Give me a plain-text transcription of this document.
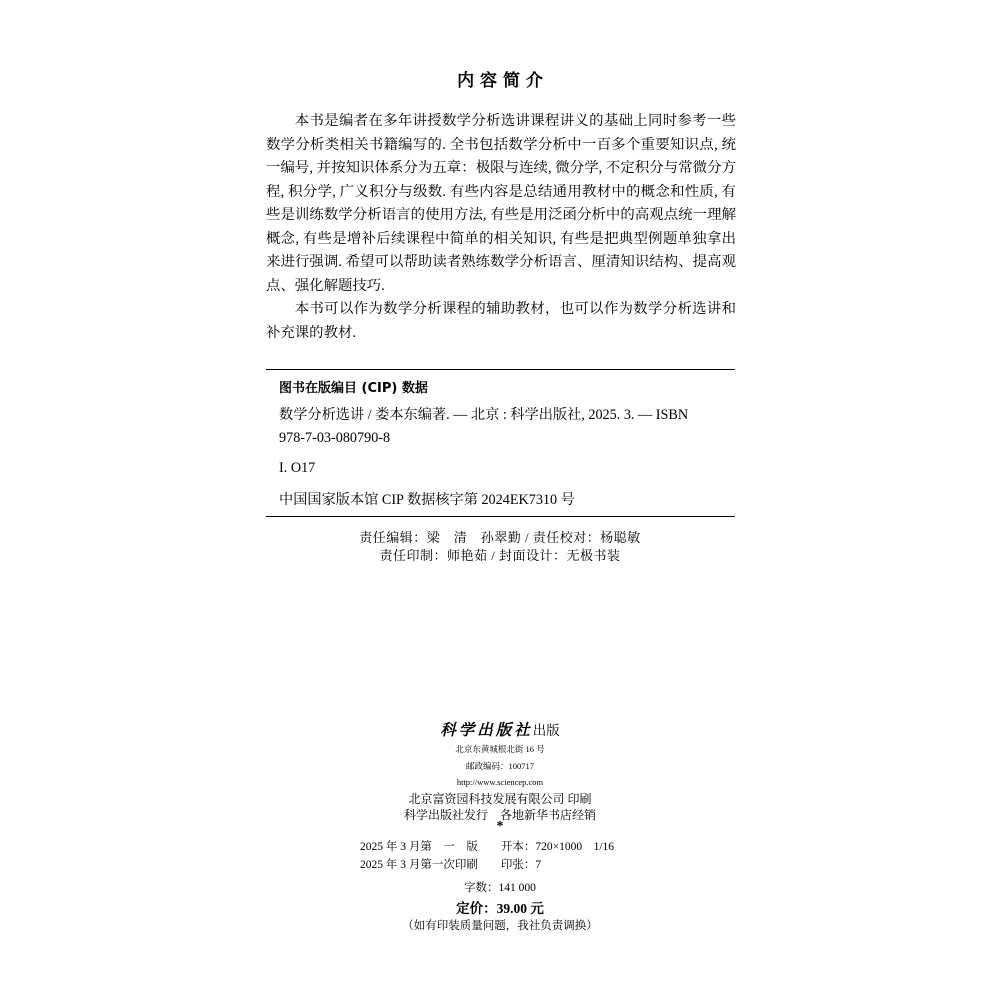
内 容 简 介

本书是编者在多年讲授数学分析选讲课程讲义的基础上同时参考一些数学分析类相关书籍编写的. 全书包括数学分析中一百多个重要知识点, 统一编号, 并按知识体系分为五章：极限与连续, 微分学, 不定积分与常微分方程, 积分学, 广义积分与级数. 有些内容是总结通用教材中的概念和性质, 有些是训练数学分析语言的使用方法, 有些是用泛函分析中的高观点统一理解概念, 有些是增补后续课程中简单的相关知识, 有些是把典型例题单独拿出来进行强调. 希望可以帮助读者熟练数学分析语言、厘清知识结构、提高观点、强化解题技巧.

本书可以作为数学分析课程的辅助教材，也可以作为数学分析选讲和补充课的教材.

图书在版编目 (CIP) 数据
数学分析选讲 / 娄本东编著. –– 北京 : 科学出版社, 2025. 3. –– ISBN
978-7-03-080790-8
I. O17
中国国家版本馆 CIP 数据核字第 2024EK7310 号
责任编辑：梁　清　孙翠勤 / 责任校对：杨聪敏
责任印制：师艳茹 / 封面设计：无极书装
科学出版社出版
北京东黄城根北街 16 号
邮政编码：100717
http://www.sciencep.com
北京富资园科技发展有限公司 印刷
科学出版社发行　各地新华书店经销
*
2025 年 3 月第　一　版　　 开本：720×1000　1/16
2025 年 3 月第一次印刷　　 印张：7
字数：141 000
定价：39.00 元
（如有印装质量问题，我社负责调换）
